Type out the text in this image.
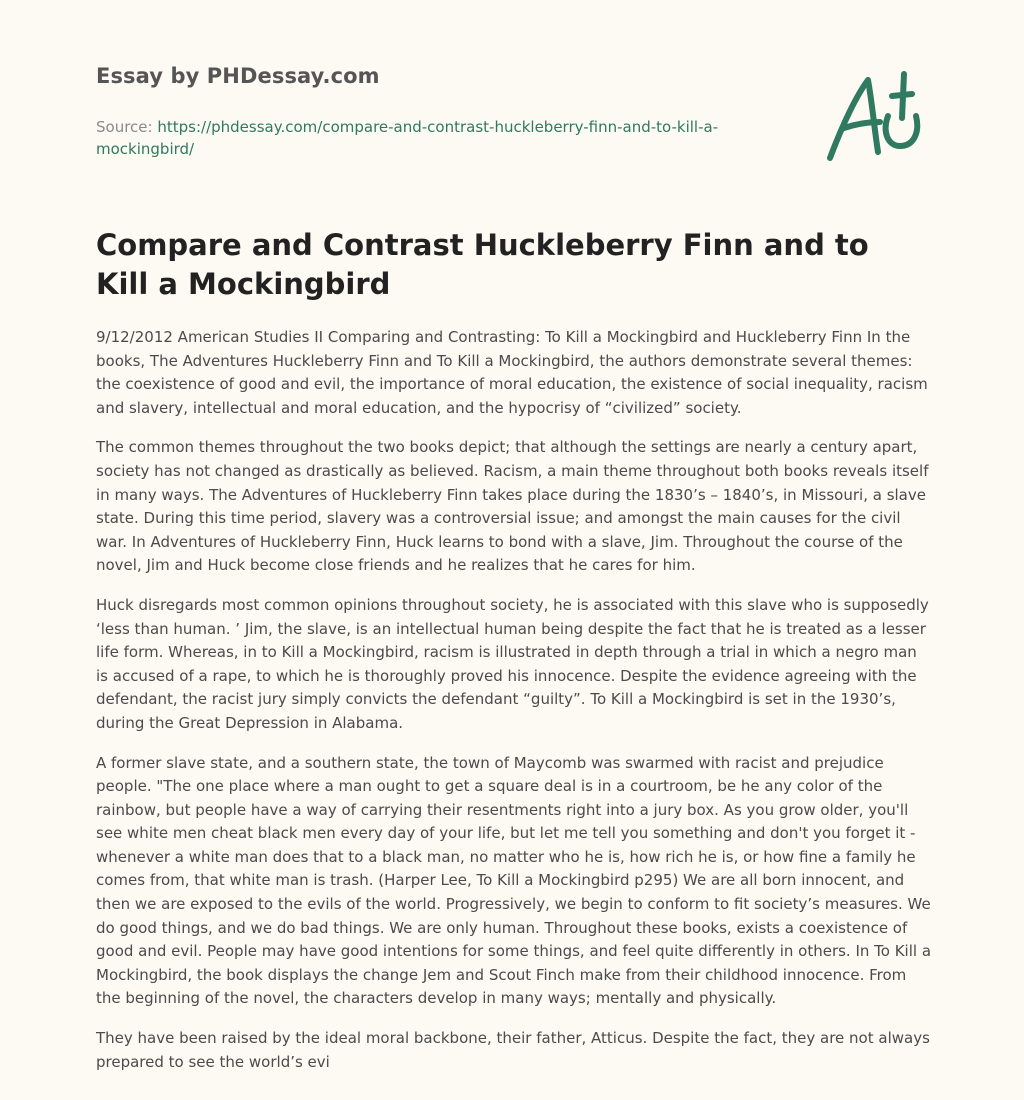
Essay by PHDessay.com
Source: https://phdessay.com/compare-and-contrast-huckleberry-finn-and-to-kill-a-mockingbird/
Compare and Contrast Huckleberry Finn and to Kill a Mockingbird

9/12/2012 American Studies II Comparing and Contrasting: To Kill a Mockingbird and Huckleberry Finn In the books, The Adventures Huckleberry Finn and To Kill a Mockingbird, the authors demonstrate several themes: the coexistence of good and evil, the importance of moral education, the existence of social inequality, racism and slavery, intellectual and moral education, and the hypocrisy of “civilized” society.

The common themes throughout the two books depict; that although the settings are nearly a century apart, society has not changed as drastically as believed. Racism, a main theme throughout both books reveals itself in many ways. The Adventures of Huckleberry Finn takes place during the 1830’s – 1840’s, in Missouri, a slave state. During this time period, slavery was a controversial issue; and amongst the main causes for the civil war. In Adventures of Huckleberry Finn, Huck learns to bond with a slave, Jim. Throughout the course of the novel, Jim and Huck become close friends and he realizes that he cares for him.

Huck disregards most common opinions throughout society, he is associated with this slave who is supposedly ‘less than human. ’ Jim, the slave, is an intellectual human being despite the fact that he is treated as a lesser life form. Whereas, in to Kill a Mockingbird, racism is illustrated in depth through a trial in which a negro man is accused of a rape, to which he is thoroughly proved his innocence. Despite the evidence agreeing with the defendant, the racist jury simply convicts the defendant “guilty”. To Kill a Mockingbird is set in the 1930’s, during the Great Depression in Alabama.

A former slave state, and a southern state, the town of Maycomb was swarmed with racist and prejudice people. "The one place where a man ought to get a square deal is in a courtroom, be he any color of the rainbow, but people have a way of carrying their resentments right into a jury box. As you grow older, you'll see white men cheat black men every day of your life, but let me tell you something and don't you forget it - whenever a white man does that to a black man, no matter who he is, how rich he is, or how fine a family he comes from, that white man is trash. (Harper Lee, To Kill a Mockingbird p295) We are all born innocent, and then we are exposed to the evils of the world. Progressively, we begin to conform to fit society’s measures. We do good things, and we do bad things. We are only human. Throughout these books, exists a coexistence of good and evil. People may have good intentions for some things, and feel quite differently in others. In To Kill a Mockingbird, the book displays the change Jem and Scout Finch make from their childhood innocence. From the beginning of the novel, the characters develop in many ways; mentally and physically.

They have been raised by the ideal moral backbone, their father, Atticus. Despite the fact, they are not always prepared to see the world’s evi
